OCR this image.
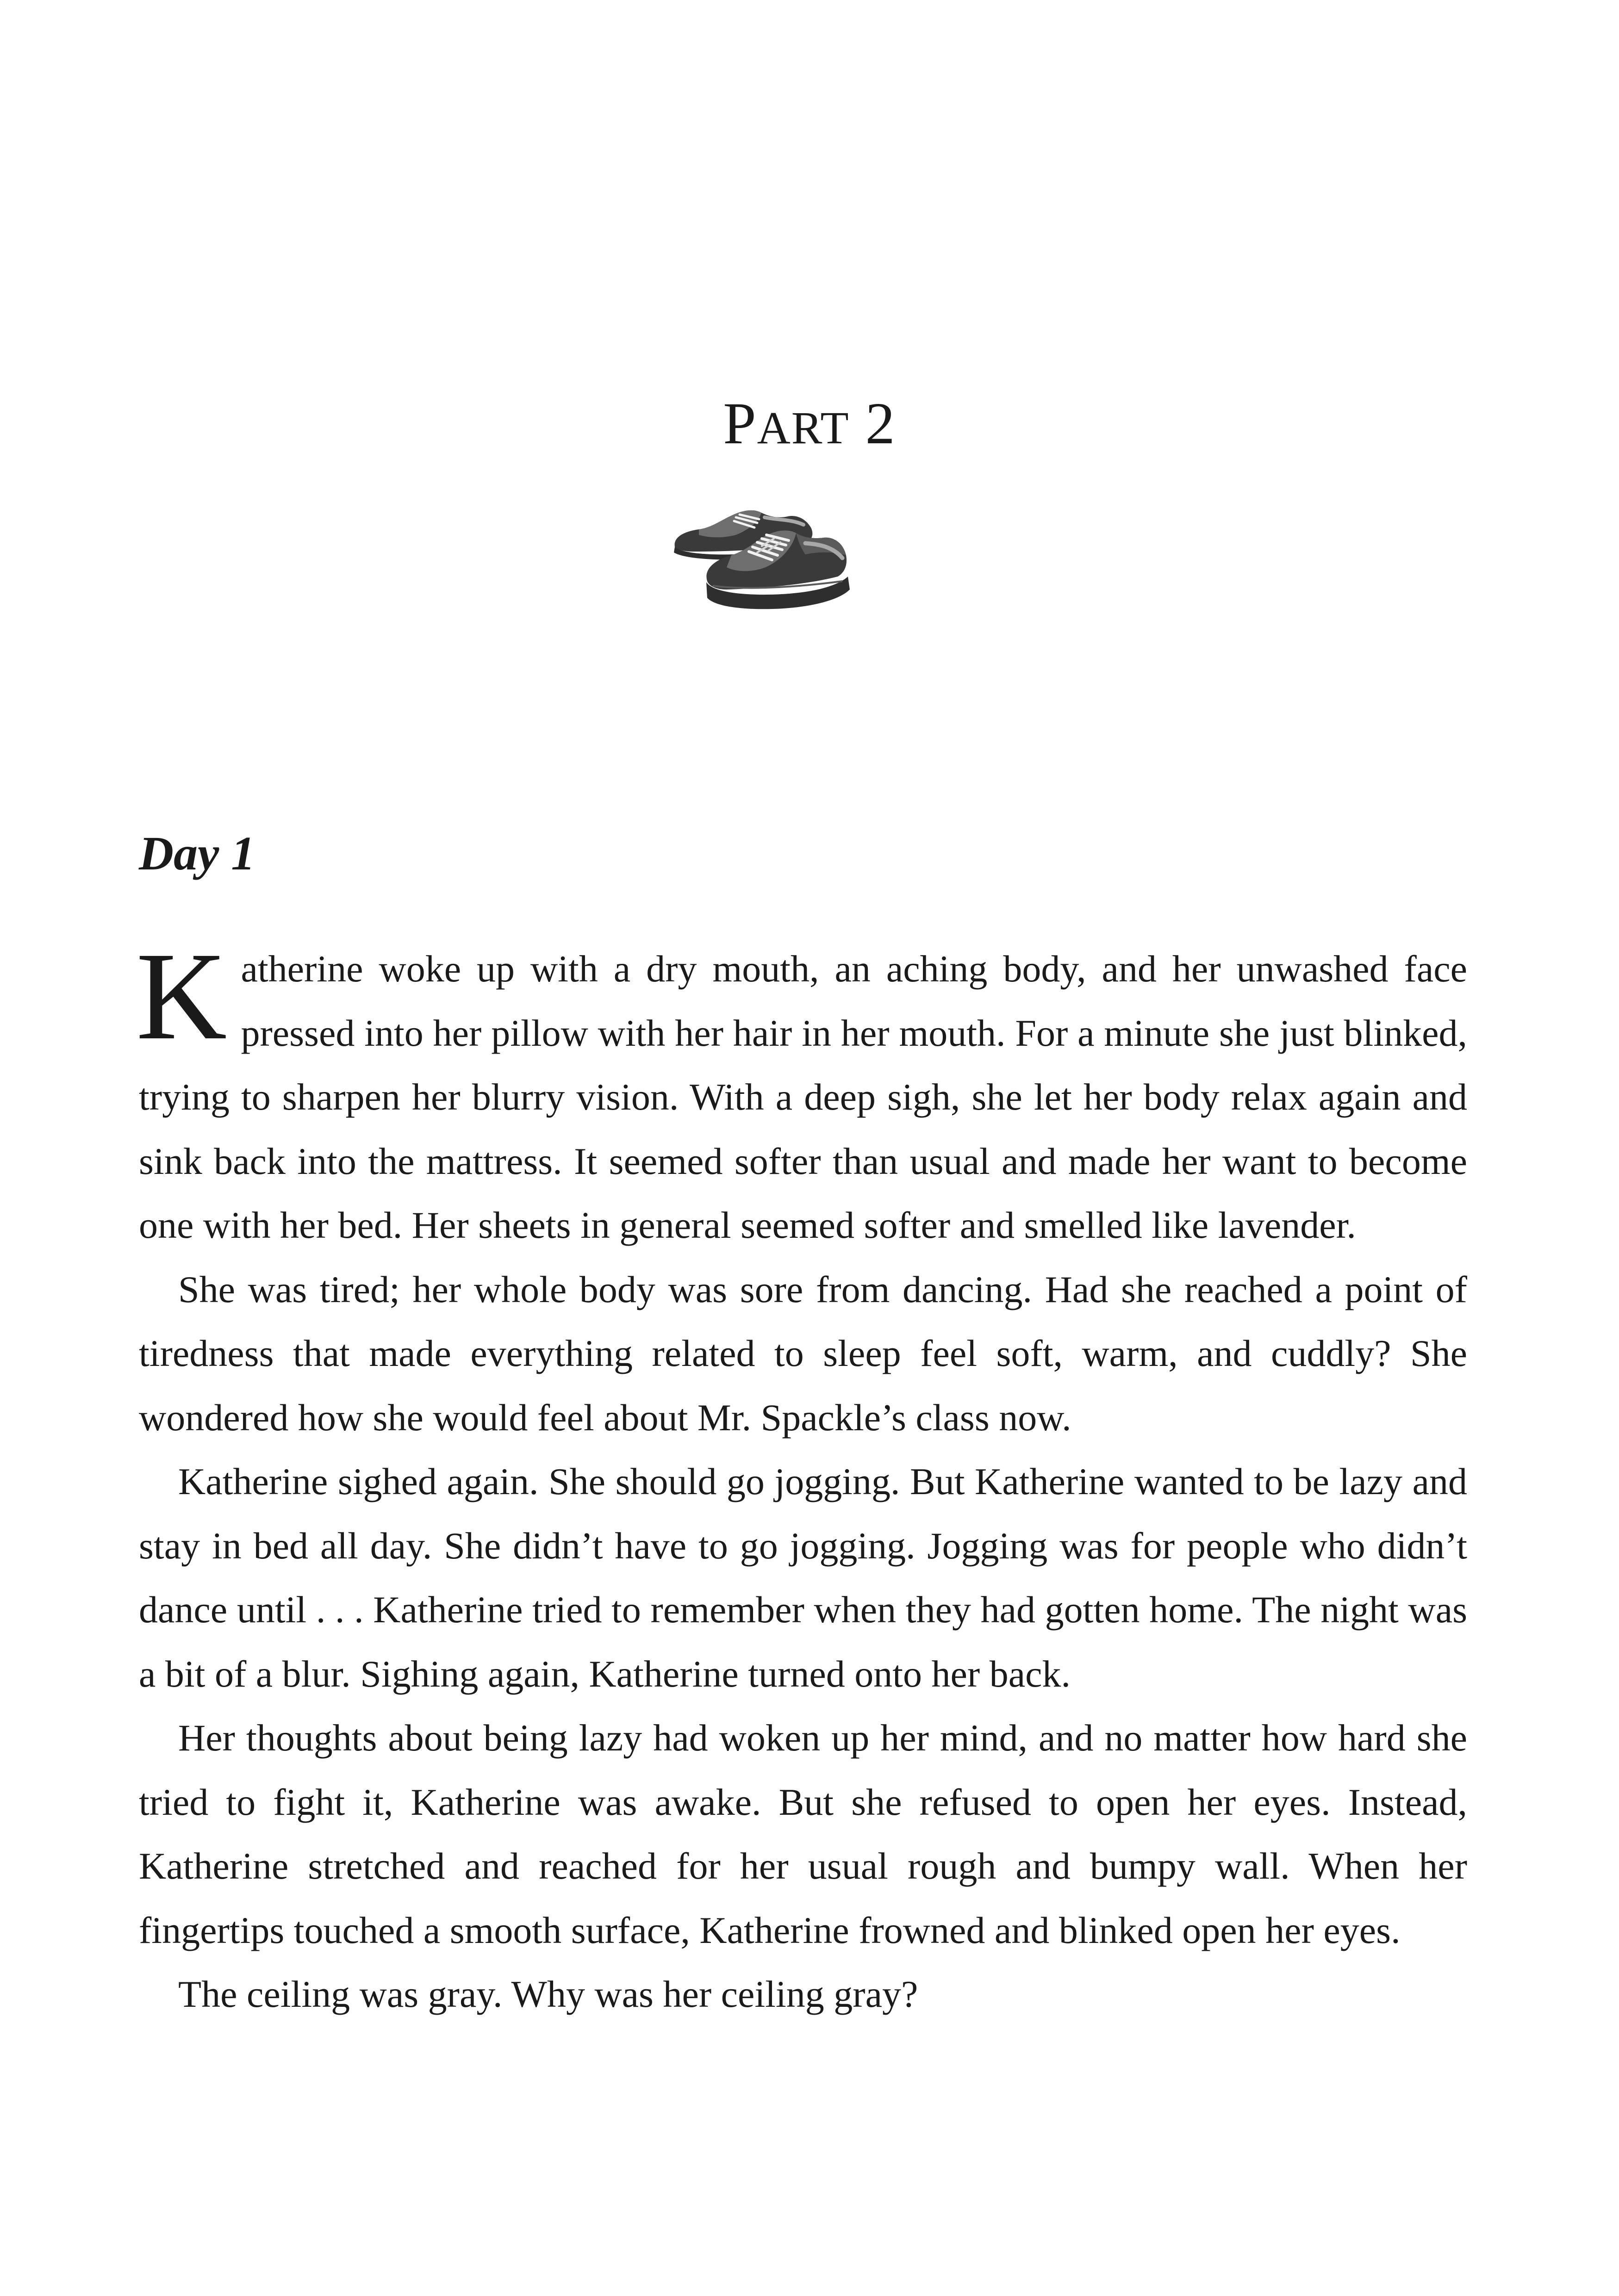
PART 2
Day 1

Katherine woke up with a dry mouth, an aching body, and her unwashed face pressed into her pillow with her hair in her mouth. For a minute she just blinked, trying to sharpen her blurry vision. With a deep sigh, she let her body relax again and sink back into the mattress. It seemed softer than usual and made her want to become one with her bed. Her sheets in general seemed softer and smelled like lavender.

She was tired; her whole body was sore from dancing. Had she reached a point of tiredness that made everything related to sleep feel soft, warm, and cuddly? She wondered how she would feel about Mr. Spackle’s class now.

Katherine sighed again. She should go jogging. But Katherine wanted to be lazy and stay in bed all day. She didn’t have to go jogging. Jogging was for people who didn’t dance until . . . Katherine tried to remember when they had gotten home. The night was a bit of a blur. Sighing again, Katherine turned onto her back.

Her thoughts about being lazy had woken up her mind, and no matter how hard she tried to fight it, Katherine was awake. But she refused to open her eyes. Instead, Katherine stretched and reached for her usual rough and bumpy wall. When her fingertips touched a smooth surface, Katherine frowned and blinked open her eyes.

The ceiling was gray. Why was her ceiling gray?
